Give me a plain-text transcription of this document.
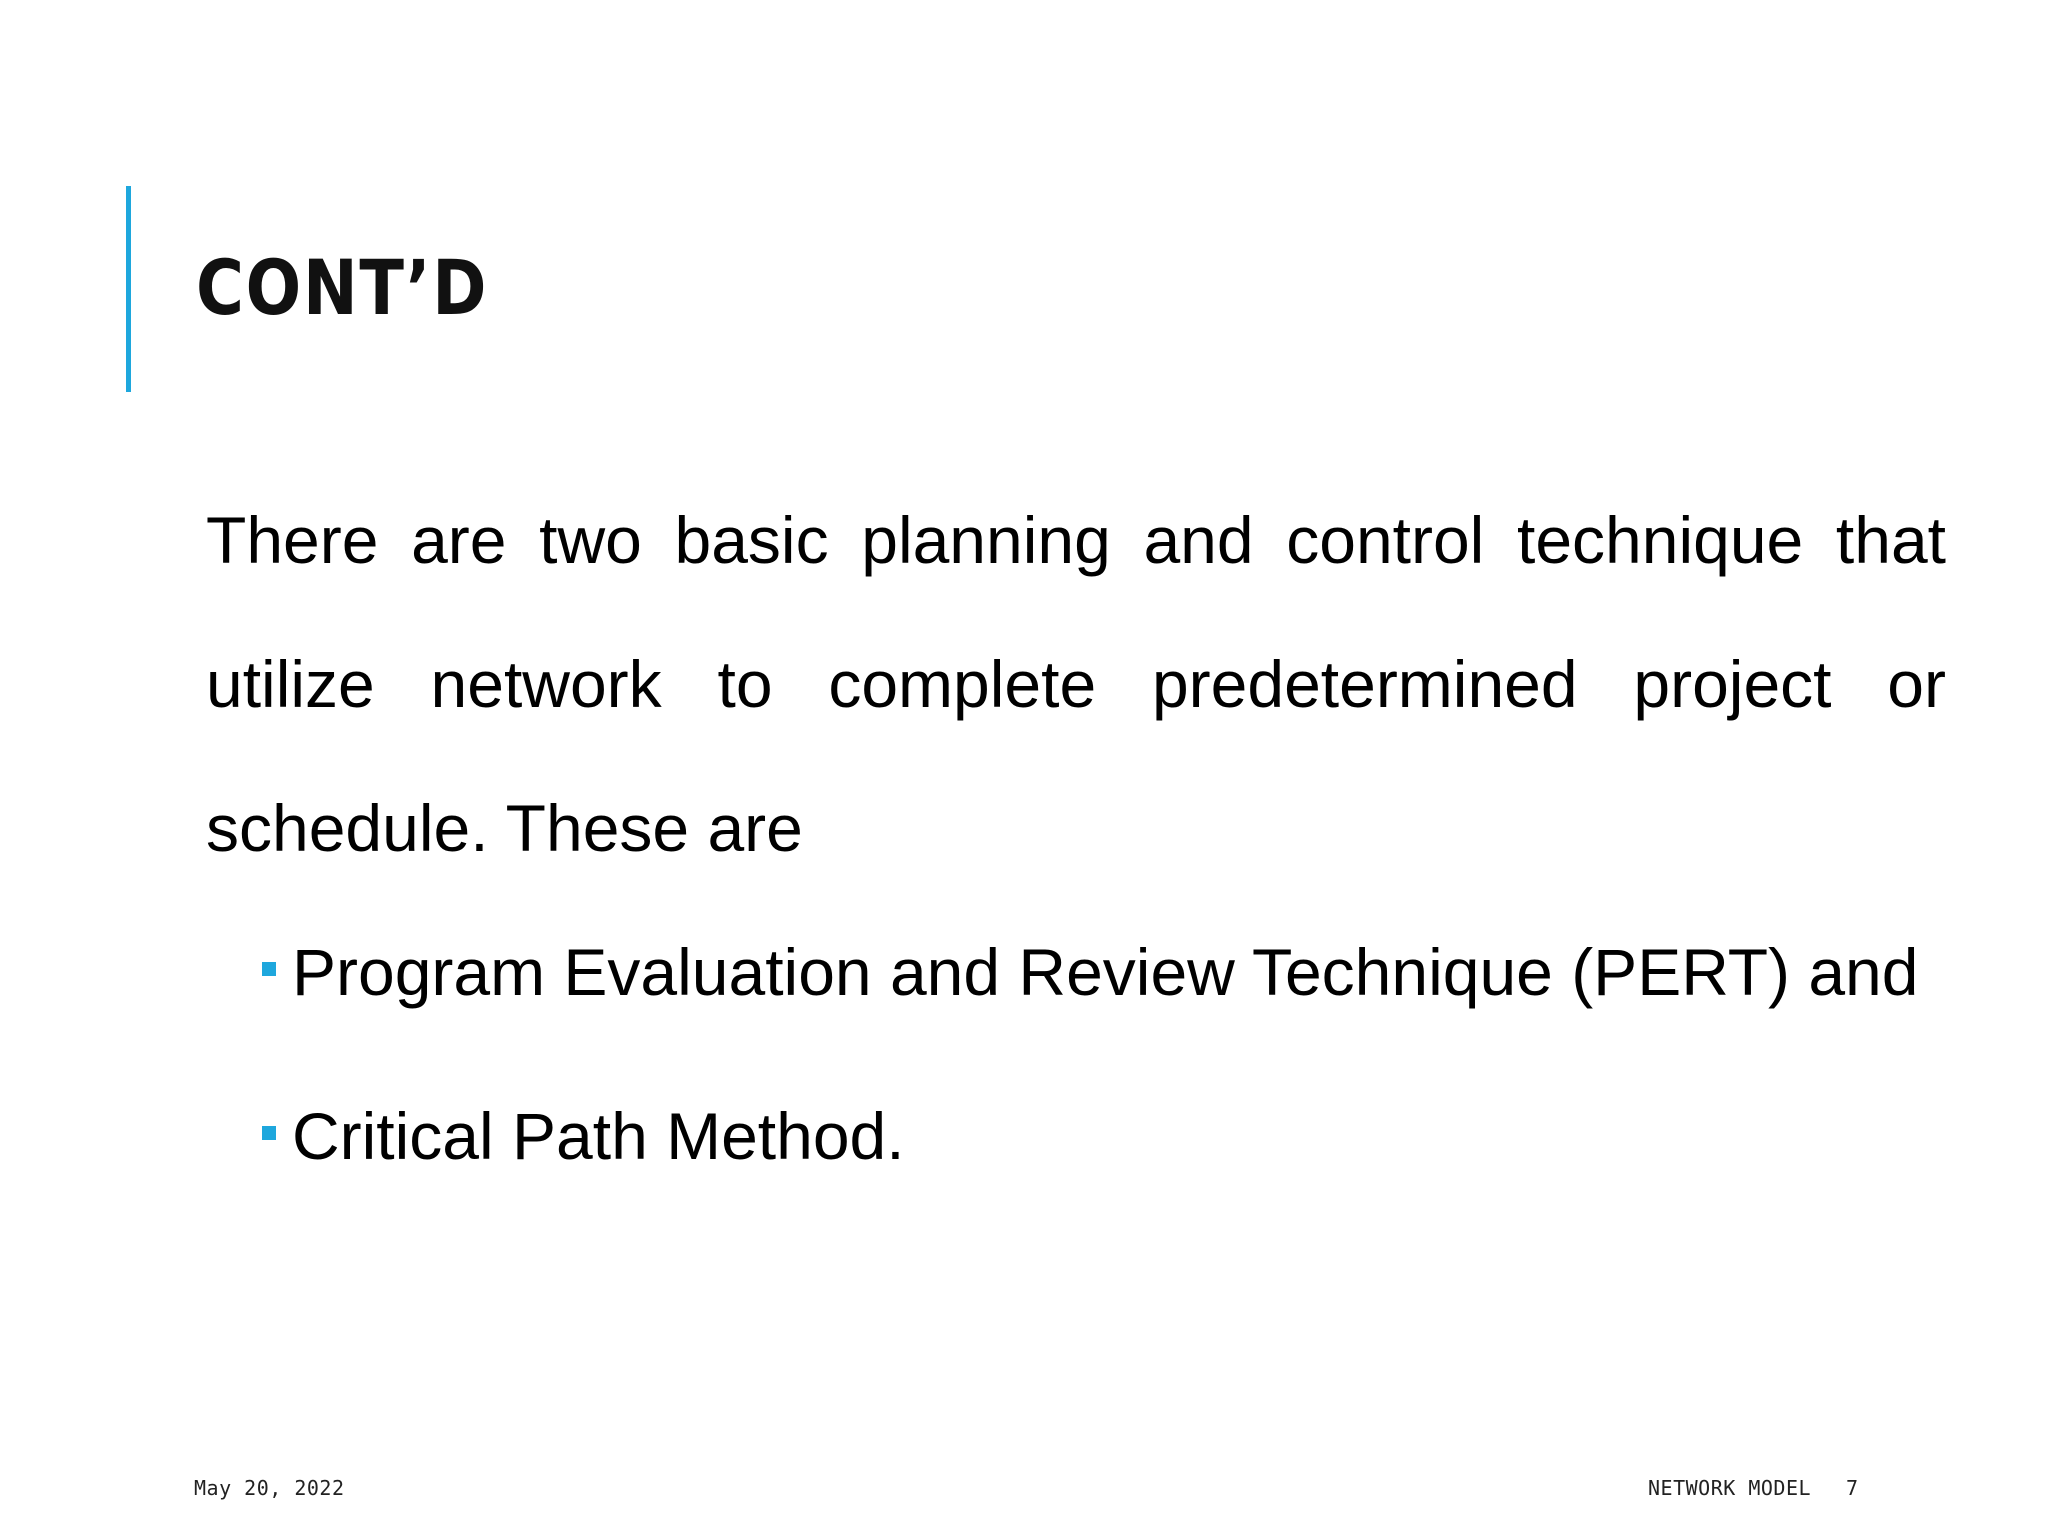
CONT’D

There are two basic planning and control technique that utilize network to complete predetermined project or schedule. These are

Program Evaluation and Review Technique (PERT) and
Critical Path Method.
May 20, 2022	NETWORK MODEL 7
